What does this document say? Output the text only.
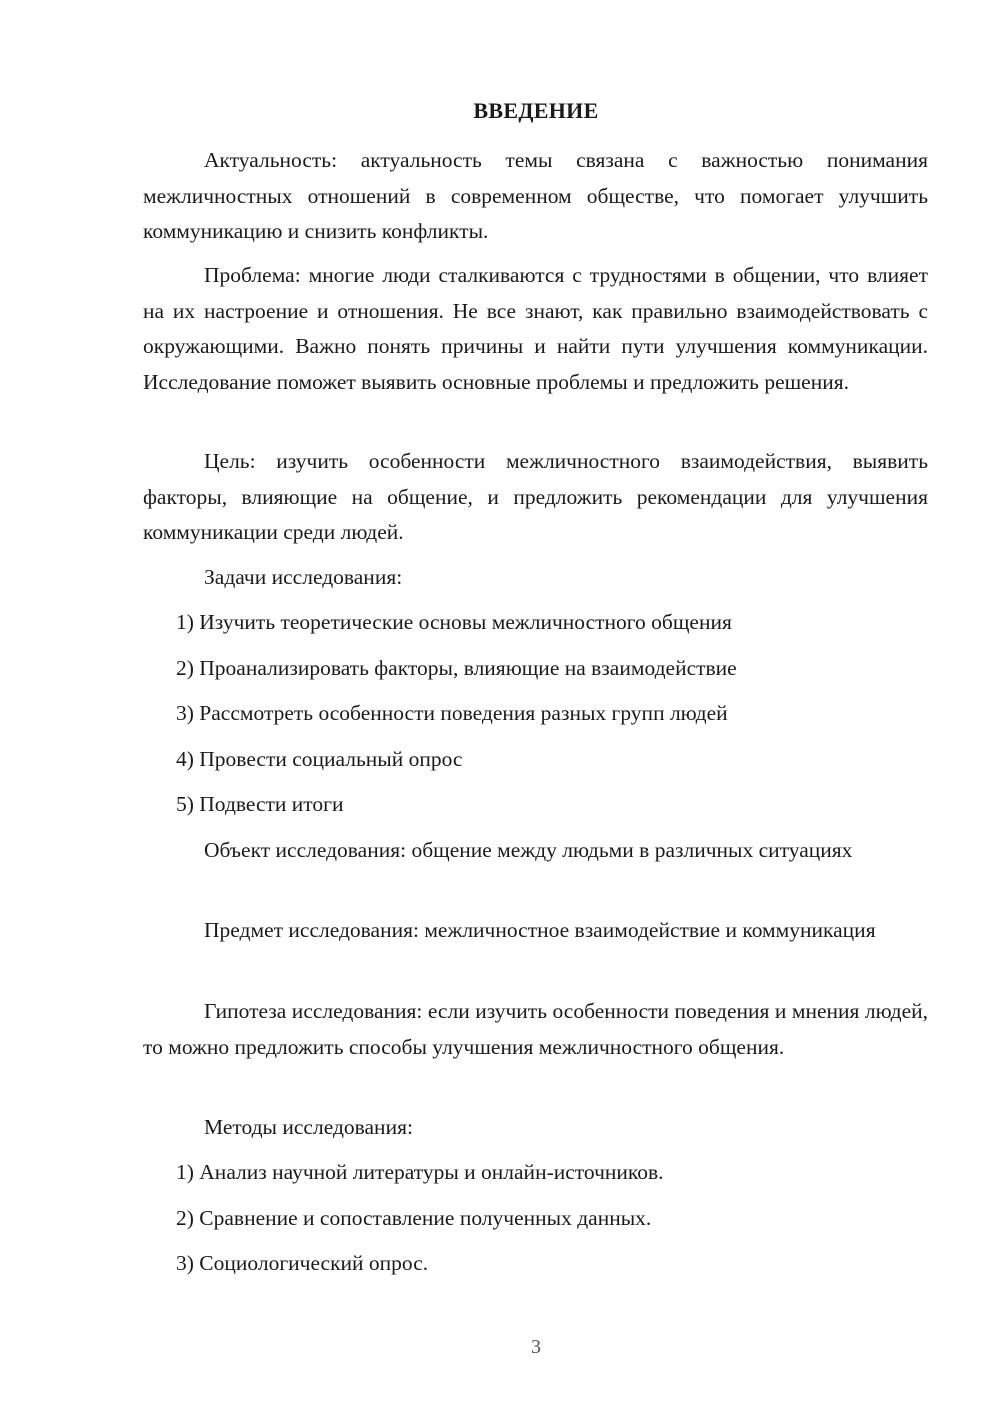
ВВЕДЕНИЕ

Актуальность: актуальность темы связана с важностью понимания межличностных отношений в современном обществе, что помогает улучшить коммуникацию и снизить конфликты.

Проблема: многие люди сталкиваются с трудностями в общении, что влияет на их настроение и отношения. Не все знают, как правильно взаимодействовать с окружающими. Важно понять причины и найти пути улучшения коммуникации. Исследование поможет выявить основные проблемы и предложить решения.

Цель: изучить особенности межличностного взаимодействия, выявить факторы, влияющие на общение, и предложить рекомендации для улучшения коммуникации среди людей.

Задачи исследования:

1) Изучить теоретические основы межличностного общения

2) Проанализировать факторы, влияющие на взаимодействие

3) Рассмотреть особенности поведения разных групп людей

4) Провести социальный опрос

5) Подвести итоги

Объект исследования: общение между людьми в различных ситуациях

Предмет исследования: межличностное взаимодействие и коммуникация

Гипотеза исследования: если изучить особенности поведения и мнения людей, то можно предложить способы улучшения межличностного общения.

Методы исследования:

1) Анализ научной литературы и онлайн-источников.

2) Сравнение и сопоставление полученных данных.

3) Социологический опрос.

3
